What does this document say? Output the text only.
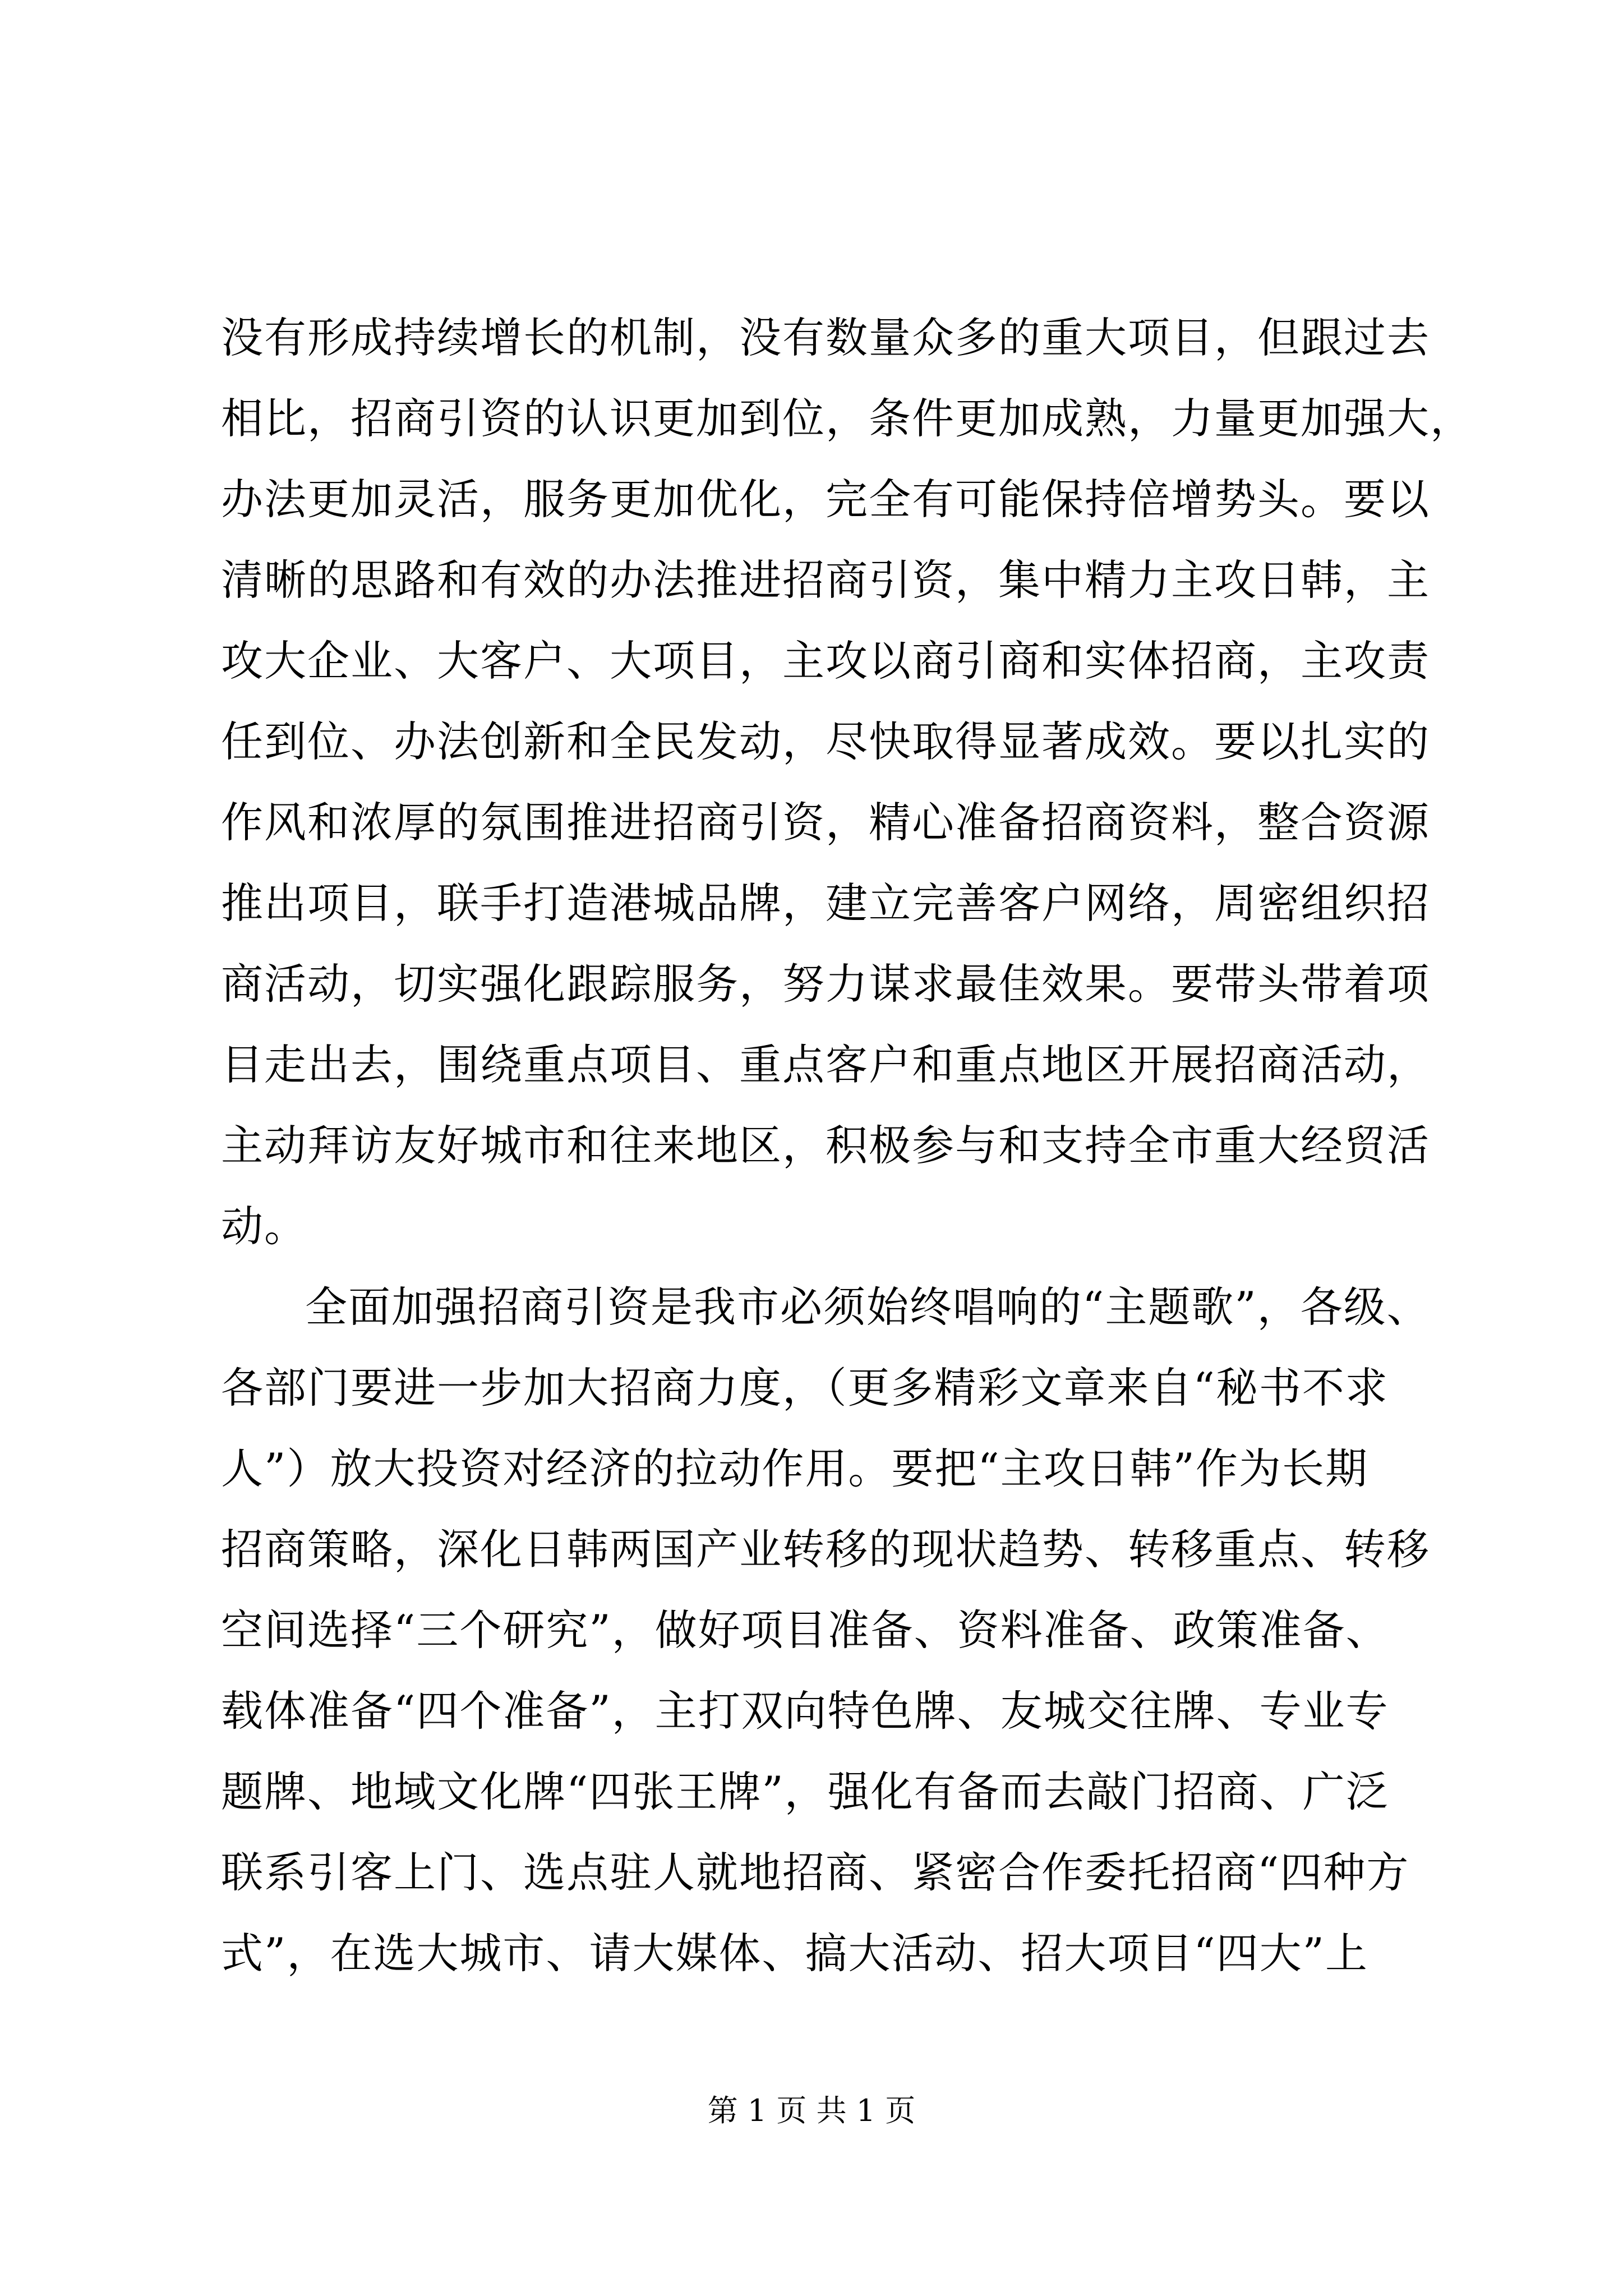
没有形成持续增长的机制，没有数量众多的重大项目，但跟过去
相比，招商引资的认识更加到位，条件更加成熟，力量更加强大，
办法更加灵活，服务更加优化，完全有可能保持倍增势头。要以
清晰的思路和有效的办法推进招商引资，集中精力主攻日韩，主
攻大企业、大客户、大项目，主攻以商引商和实体招商，主攻责
任到位、办法创新和全民发动，尽快取得显著成效。要以扎实的
作风和浓厚的氛围推进招商引资，精心准备招商资料，整合资源
推出项目，联手打造港城品牌，建立完善客户网络，周密组织招
商活动，切实强化跟踪服务，努力谋求最佳效果。要带头带着项
目走出去，围绕重点项目、重点客户和重点地区开展招商活动，
主动拜访友好城市和往来地区，积极参与和支持全市重大经贸活
动。
全面加强招商引资是我市必须始终唱响的“主题歌”，各级、
各部门要进一步加大招商力度，（更多精彩文章来自“秘书不求
人”）放大投资对经济的拉动作用。要把“主攻日韩”作为长期
招商策略，深化日韩两国产业转移的现状趋势、转移重点、转移
空间选择“三个研究”，做好项目准备、资料准备、政策准备、
载体准备“四个准备”，主打双向特色牌、友城交往牌、专业专
题牌、地域文化牌“四张王牌”，强化有备而去敲门招商、广泛
联系引客上门、选点驻人就地招商、紧密合作委托招商“四种方
式”，在选大城市、请大媒体、搞大活动、招大项目“四大”上
第 1 页 共 1 页
